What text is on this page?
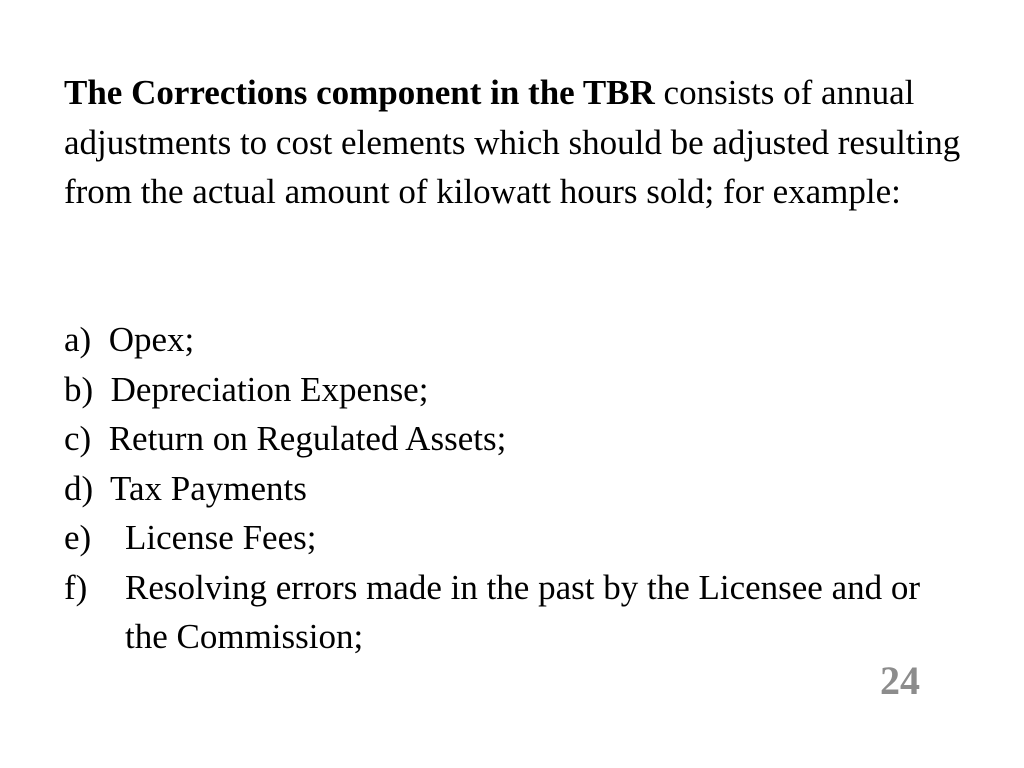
The Corrections component in the TBR consists of annual adjustments to cost elements which should be adjusted resulting from the actual amount of kilowatt hours sold; for example:

a) Opex;
b) Depreciation Expense;
c) Return on Regulated Assets;
d) Tax Payments
e) License Fees;
f) Resolving errors made in the past by the Licensee and or the Commission;
24
